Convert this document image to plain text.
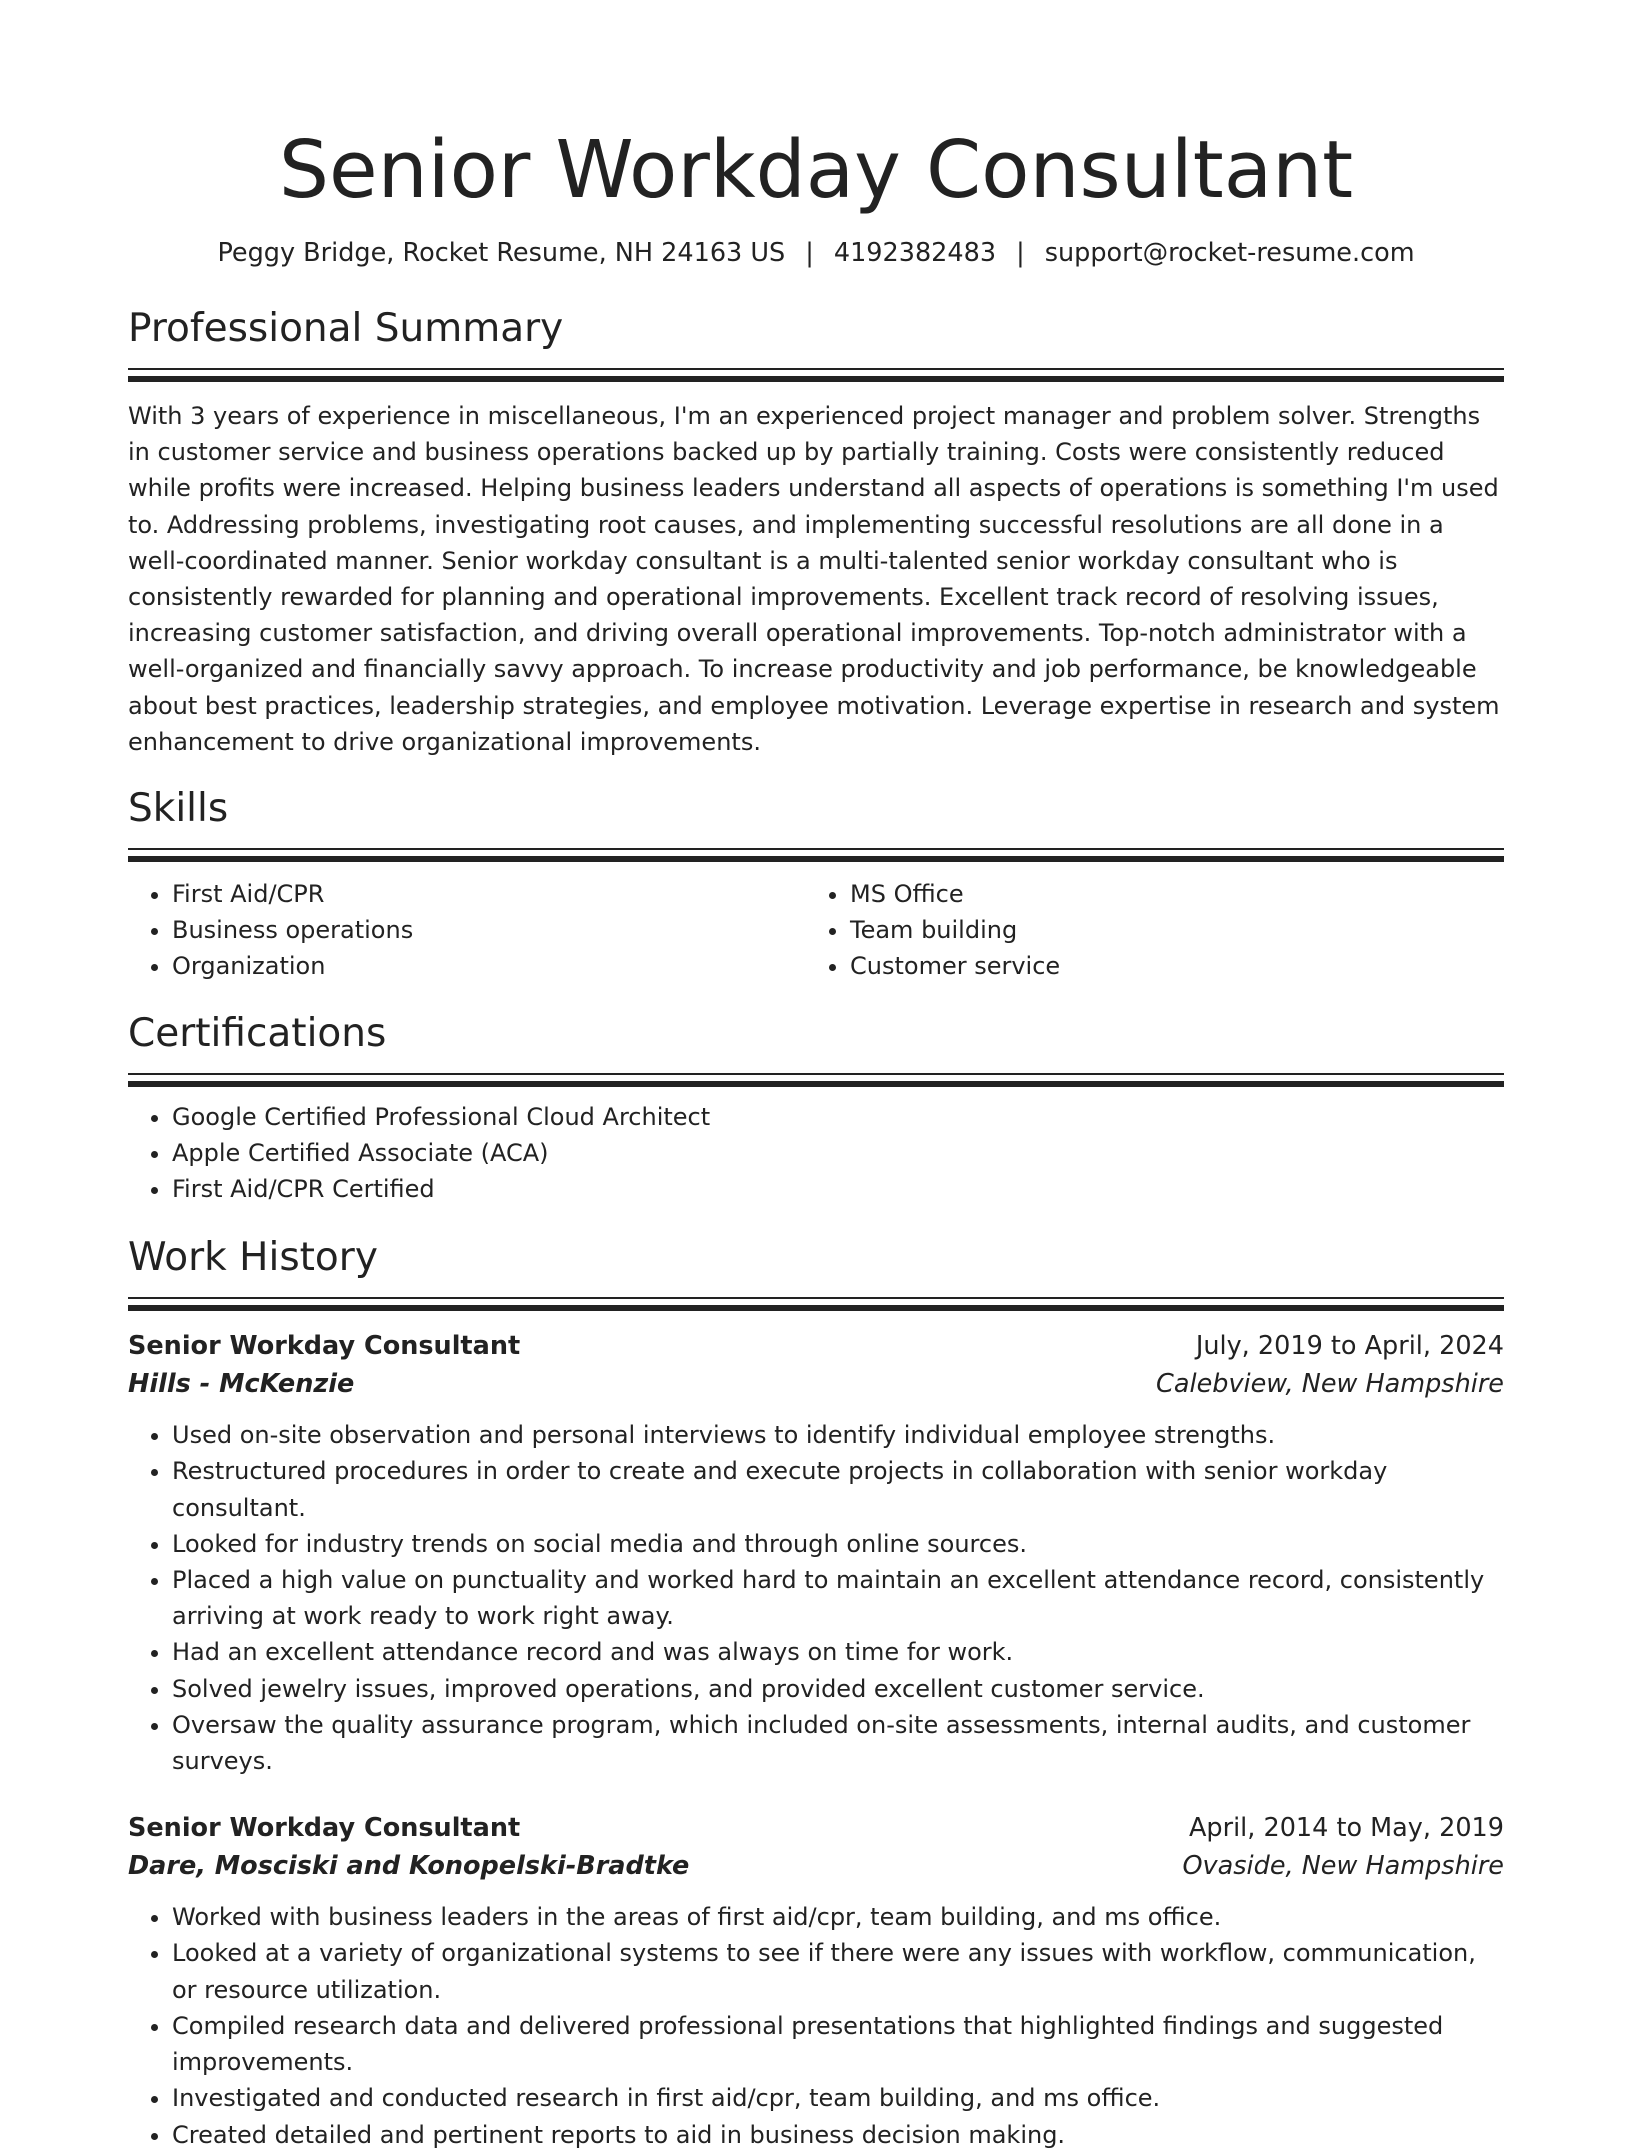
Senior Workday Consultant
Peggy Bridge, Rocket Resume, NH 24163 US | 4192382483 | support@rocket-resume.com
Professional Summary
With 3 years of experience in miscellaneous, I'm an experienced project manager and problem solver. Strengths in customer service and business operations backed up by partially training. Costs were consistently reduced while profits were increased. Helping business leaders understand all aspects of operations is something I'm used to. Addressing problems, investigating root causes, and implementing successful resolutions are all done in a well-coordinated manner. Senior workday consultant is a multi-talented senior workday consultant who is consistently rewarded for planning and operational improvements. Excellent track record of resolving issues, increasing customer satisfaction, and driving overall operational improvements. Top-notch administrator with a well-organized and financially savvy approach. To increase productivity and job performance, be knowledgeable about best practices, leadership strategies, and employee motivation. Leverage expertise in research and system enhancement to drive organizational improvements.
Skills
• First Aid/CPR
• Business operations
• Organization
• MS Office
• Team building
• Customer service
Certifications
• Google Certified Professional Cloud Architect
• Apple Certified Associate (ACA)
• First Aid/CPR Certified
Work History
Senior Workday Consultant	July, 2019 to April, 2024
Hills - McKenzie	Calebview, New Hampshire
• Used on-site observation and personal interviews to identify individual employee strengths.
• Restructured procedures in order to create and execute projects in collaboration with senior workday consultant.
• Looked for industry trends on social media and through online sources.
• Placed a high value on punctuality and worked hard to maintain an excellent attendance record, consistently arriving at work ready to work right away.
• Had an excellent attendance record and was always on time for work.
• Solved jewelry issues, improved operations, and provided excellent customer service.
• Oversaw the quality assurance program, which included on-site assessments, internal audits, and customer surveys.
Senior Workday Consultant	April, 2014 to May, 2019
Dare, Mosciski and Konopelski-Bradtke	Ovaside, New Hampshire
• Worked with business leaders in the areas of first aid/cpr, team building, and ms office.
• Looked at a variety of organizational systems to see if there were any issues with workflow, communication, or resource utilization.
• Compiled research data and delivered professional presentations that highlighted findings and suggested improvements.
• Investigated and conducted research in first aid/cpr, team building, and ms office.
• Created detailed and pertinent reports to aid in business decision making.
